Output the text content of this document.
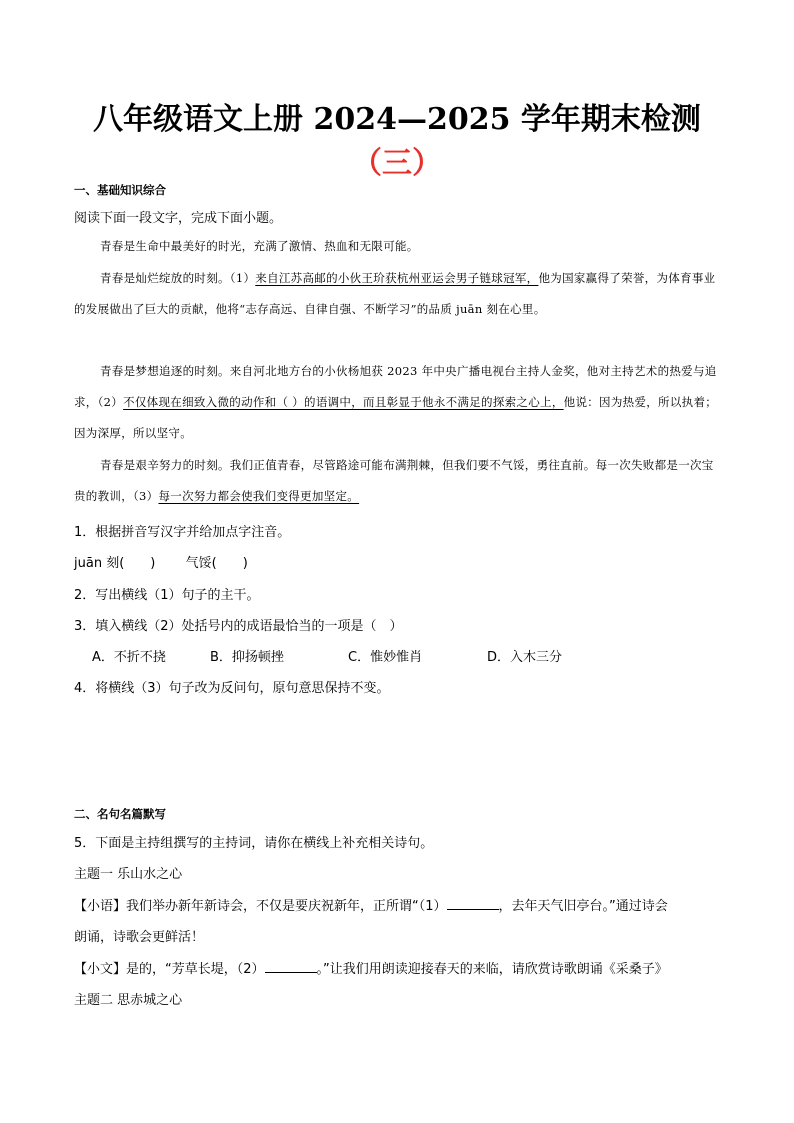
八年级语文上册 2024—2025 学年期末检测
（三）
一、基础知识综合
阅读下面一段文字，完成下面小题。
青春是生命中最美好的时光，充满了激情、热血和无限可能。
青春是灿烂绽放的时刻。（1）来自江苏高邮的小伙王玠获杭州亚运会男子链球冠军，他为国家赢得了荣誉，为体育事业的发展做出了巨大的贡献，他将“志存高远、自律自强、不断学习”的品质 juān 刻在心里。
青春是梦想追逐的时刻。来自河北地方台的小伙杨旭获 2023 年中央广播电视台主持人金奖，他对主持艺术的热爱与追求，（2）不仅体现在细致入微的动作和（ ）的语调中，而且彰显于他永不满足的探索之心上，他说：因为热爱，所以执着；因为深厚，所以坚守。
青春是艰辛努力的时刻。我们正值青春，尽管路途可能布满荆棘，但我们要不气馁，勇往直前。每一次失败都是一次宝贵的教训，（3）每一次努力都会使我们变得更加坚定。
1．根据拼音写汉字并给加点字注音。
juān 刻(　　) 气馁(　　)
2．写出横线（1）句子的主干。
3．填入横线（2）处括号内的成语最恰当的一项是（　）
A．不折不挠	B．抑扬顿挫	C．惟妙惟肖	D．入木三分
4．将横线（3）句子改为反问句，原句意思保持不变。
二、名句名篇默写
5．下面是主持组撰写的主持词，请你在横线上补充相关诗句。
主题一 乐山水之心
【小语】我们举办新年新诗会，不仅是要庆祝新年，正所谓“（1）	，去年天气旧亭台。”通过诗会
朗诵，诗歌会更鲜活！
【小文】是的，“芳草长堤，（2）	。”让我们用朗读迎接春天的来临，请欣赏诗歌朗诵《采桑子》
主题二 思赤城之心
